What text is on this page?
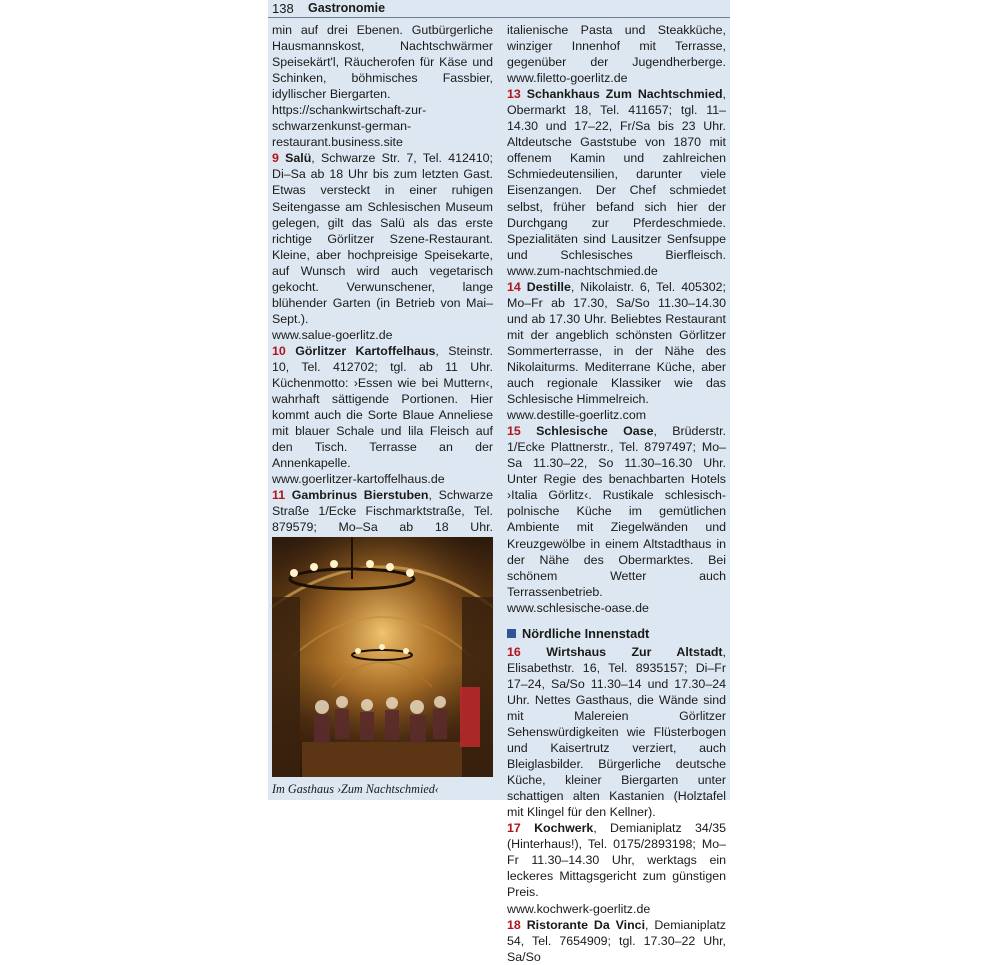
138 Gastronomie

min auf drei Ebenen. Gutbürgerliche Hausmannskost, Nachtschwärmer Speisekärt'l, Räucherofen für Käse und Schinken, böhmisches Fassbier, idyllischer Biergarten.
https://schankwirtschaft-zur-schwarzenkunst-german-restaurant.business.site

9 Salü, Schwarze Str. 7, Tel. 412410; Di–Sa ab 18 Uhr bis zum letzten Gast. Etwas versteckt in einer ruhigen Seitengasse am Schlesischen Museum gelegen, gilt das Salü als das erste richtige Görlitzer Szene-Restaurant. Kleine, aber hochpreisige Speisekarte, auf Wunsch wird auch vegetarisch gekocht. Verwunschener, lange blühender Garten (in Betrieb von Mai–Sept.).
www.salue-goerlitz.de

10 Görlitzer Kartoffelhaus, Steinstr. 10, Tel. 412702; tgl. ab 11 Uhr. Küchenmotto: ›Essen wie bei Muttern‹, wahrhaft sättigende Portionen. Hier kommt auch die Sorte Blaue Anneliese mit blauer Schale und lila Fleisch auf den Tisch. Terrasse an der Annenkapelle.
www.goerlitzer-kartoffelhaus.de

11 Gambrinus Bierstuben, Schwarze Straße 1/Ecke Fischmarktstraße, Tel. 879579; Mo–Sa ab 18 Uhr.

Im Gasthaus ›Zum Nachtschmied‹

italienische Pasta und Steakküche, winziger Innenhof mit Terrasse, gegenüber der Jugendherberge. www.filetto-goerlitz.de

13 Schankhaus Zum Nachtschmied, Obermarkt 18, Tel. 411657; tgl. 11–14.30 und 17–22, Fr/Sa bis 23 Uhr. Altdeutsche Gaststube von 1870 mit offenem Kamin und zahlreichen Schmiedeutensilien, darunter viele Eisenzangen. Der Chef schmiedet selbst, früher befand sich hier der Durchgang zur Pferdeschmiede. Spezialitäten sind Lausitzer Senfsuppe und Schlesisches Bierfleisch. www.zum-nachtschmied.de

14 Destille, Nikolaistr. 6, Tel. 405302; Mo–Fr ab 17.30, Sa/So 11.30–14.30 und ab 17.30 Uhr. Beliebtes Restaurant mit der angeblich schönsten Görlitzer Sommerterrasse, in der Nähe des Nikolaiturms. Mediterrane Küche, aber auch regionale Klassiker wie das Schlesische Himmelreich.
www.destille-goerlitz.com

15 Schlesische Oase, Brüderstr. 1/Ecke Plattnerstr., Tel. 8797497; Mo–Sa 11.30–22, So 11.30–16.30 Uhr. Unter Regie des benachbarten Hotels ›Italia Görlitz‹. Rustikale schlesisch-polnische Küche im gemütlichen Ambiente mit Ziegelwänden und Kreuzgewölbe in einem Altstadthaus in der Nähe des Obermarktes. Bei schönem Wetter auch Terrassenbetrieb.
www.schlesische-oase.de

Nördliche Innenstadt

16 Wirtshaus Zur Altstadt, Elisabethstr. 16, Tel. 8935157; Di–Fr 17–24, Sa/So 11.30–14 und 17.30–24 Uhr. Nettes Gasthaus, die Wände sind mit Malereien Görlitzer Sehenswürdigkeiten wie Flüsterbogen und Kaisertrutz verziert, auch Bleiglasbilder. Bürgerliche deutsche Küche, kleiner Biergarten unter schattigen alten Kastanien (Holztafel mit Klingel für den Kellner).

17 Kochwerk, Demianiplatz 34/35 (Hinterhaus!), Tel. 0175/2893198; Mo–Fr 11.30–14.30 Uhr, werktags ein leckeres Mittagsgericht zum günstigen Preis.
www.kochwerk-goerlitz.de

18 Ristorante Da Vinci, Demianiplatz 54, Tel. 7654909; tgl. 17.30–22 Uhr, Sa/So
